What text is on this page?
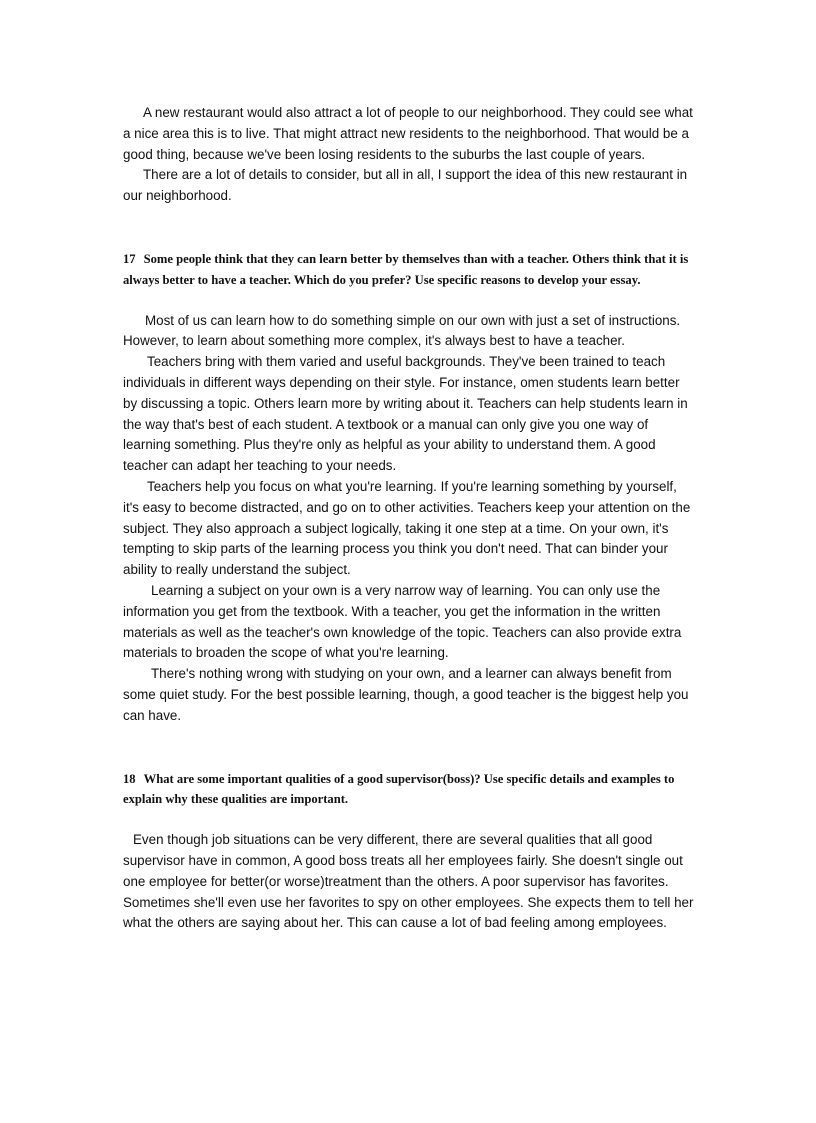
A new restaurant would also attract a lot of people to our neighborhood. They could see what a nice area this is to live. That might attract new residents to the neighborhood. That would be a good thing, because we've been losing residents to the suburbs the last couple of years.

There are a lot of details to consider, but all in all, I support the idea of this new restaurant in our neighborhood.

17 Some people think that they can learn better by themselves than with a teacher. Others think that it is always better to have a teacher. Which do you prefer? Use specific reasons to develop your essay.

Most of us can learn how to do something simple on our own with just a set of instructions. However, to learn about something more complex, it's always best to have a teacher.

Teachers bring with them varied and useful backgrounds. They've been trained to teach individuals in different ways depending on their style. For instance, omen students learn better by discussing a topic. Others learn more by writing about it. Teachers can help students learn in the way that's best of each student. A textbook or a manual can only give you one way of learning something. Plus they're only as helpful as your ability to understand them. A good teacher can adapt her teaching to your needs.

Teachers help you focus on what you're learning. If you're learning something by yourself, it's easy to become distracted, and go on to other activities. Teachers keep your attention on the subject. They also approach a subject logically, taking it one step at a time. On your own, it's tempting to skip parts of the learning process you think you don't need. That can binder your ability to really understand the subject.

Learning a subject on your own is a very narrow way of learning. You can only use the information you get from the textbook. With a teacher, you get the information in the written materials as well as the teacher's own knowledge of the topic. Teachers can also provide extra materials to broaden the scope of what you're learning.

There's nothing wrong with studying on your own, and a learner can always benefit from some quiet study. For the best possible learning, though, a good teacher is the biggest help you can have.

18 What are some important qualities of a good supervisor(boss)? Use specific details and examples to explain why these qualities are important.

Even though job situations can be very different, there are several qualities that all good supervisor have in common, A good boss treats all her employees fairly. She doesn't single out one employee for better(or worse)treatment than the others. A poor supervisor has favorites. Sometimes she'll even use her favorites to spy on other employees. She expects them to tell her what the others are saying about her. This can cause a lot of bad feeling among employees.
